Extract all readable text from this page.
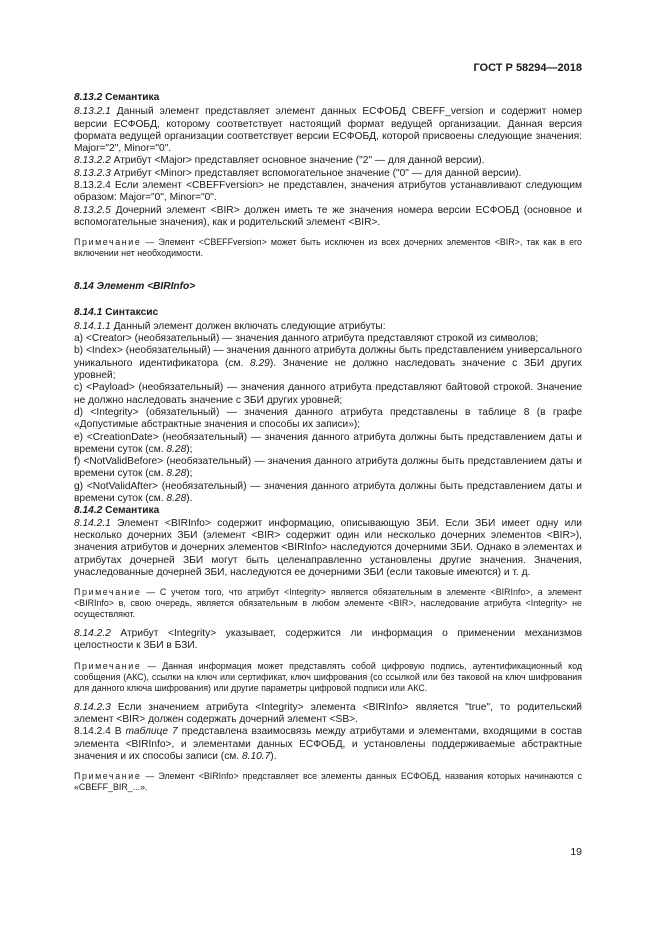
ГОСТ Р 58294—2018

8.13.2 Семантика

8.13.2.1 Данный элемент представляет элемент данных ЕСФОБД CBEFF_version и содержит номер версии ЕСФОБД, которому соответствует настоящий формат ведущей организации. Данная версия формата ведущей организации соответствует версии ЕСФОБД, которой присвоены следующие значения: Major="2", Minor="0".

8.13.2.2 Атрибут <Major> представляет основное значение ("2" — для данной версии).

8.13.2.3 Атрибут <Minor> представляет вспомогательное значение ("0" — для данной версии).

8.13.2.4 Если элемент <CBEFFversion> не представлен, значения атрибутов устанавливают следующим образом: Major="0", Minor="0".

8.13.2.5 Дочерний элемент <BIR> должен иметь те же значения номера версии ЕСФОБД (основное и вспомогательные значения), как и родительский элемент <BIR>.

Примечание — Элемент <CBEFFversion> может быть исключен из всех дочерних элементов <BIR>, так как в его включении нет необходимости.

8.14 Элемент <BIRInfo>

8.14.1 Синтаксис

8.14.1.1 Данный элемент должен включать следующие атрибуты:

a) <Creator> (необязательный) — значения данного атрибута представляют строкой из символов;

b) <Index> (необязательный) — значения данного атрибута должны быть представлением универсального уникального идентификатора (см. 8.29). Значение не должно наследовать значение с ЗБИ других уровней;

c) <Payload> (необязательный) — значения данного атрибута представляют байтовой строкой. Значение не должно наследовать значение с ЗБИ других уровней;

d) <Integrity> (обязательный) — значения данного атрибута представлены в таблице 8 (в графе «Допустимые абстрактные значения и способы их записи»);

e) <CreationDate> (необязательный) — значения данного атрибута должны быть представлением даты и времени суток (см. 8.28);

f) <NotValidBefore> (необязательный) — значения данного атрибута должны быть представлением даты и времени суток (см. 8.28);

g) <NotValidAfter> (необязательный) — значения данного атрибута должны быть представлением даты и времени суток (см. 8.28).

8.14.2 Семантика

8.14.2.1 Элемент <BIRInfo> содержит информацию, описывающую ЗБИ. Если ЗБИ имеет одну или несколько дочерних ЗБИ (элемент <BIR> содержит один или несколько дочерних элементов <BIR>), значения атрибутов и дочерних элементов <BIRInfo> наследуются дочерними ЗБИ. Однако в элементах и атрибутах дочерней ЗБИ могут быть целенаправленно установлены другие значения. Значения, унаследованные дочерней ЗБИ, наследуются ее дочерними ЗБИ (если таковые имеются) и т. д.

Примечание — С учетом того, что атрибут <Integrity> является обязательным в элементе <BIRInfo>, а элемент <BIRInfo> в, свою очередь, является обязательным в любом элементе <BIR>, наследование атрибута <Integrity> не осуществляют.

8.14.2.2 Атрибут <Integrity> указывает, содержится ли информация о применении механизмов целостности к ЗБИ в БЗИ.

Примечание — Данная информация может представлять собой цифровую подпись, аутентификационный код сообщения (АКС), ссылки на ключ или сертификат, ключ шифрования (со ссылкой или без таковой на ключ шифрования для данного ключа шифрования) или другие параметры цифровой подписи или АКС.

8.14.2.3 Если значением атрибута <Integrity> элемента <BIRInfo> является "true", то родительский элемент <BIR> должен содержать дочерний элемент <SB>.

8.14.2.4 В таблице 7 представлена взаимосвязь между атрибутами и элементами, входящими в состав элемента <BIRInfo>, и элементами данных ЕСФОБД, и установлены поддерживаемые абстрактные значения и их способы записи (см. 8.10.7).

Примечание — Элемент <BIRInfo> представляет все элементы данных ЕСФОБД, названия которых начинаются с «CBEFF_BIR_...».

19
